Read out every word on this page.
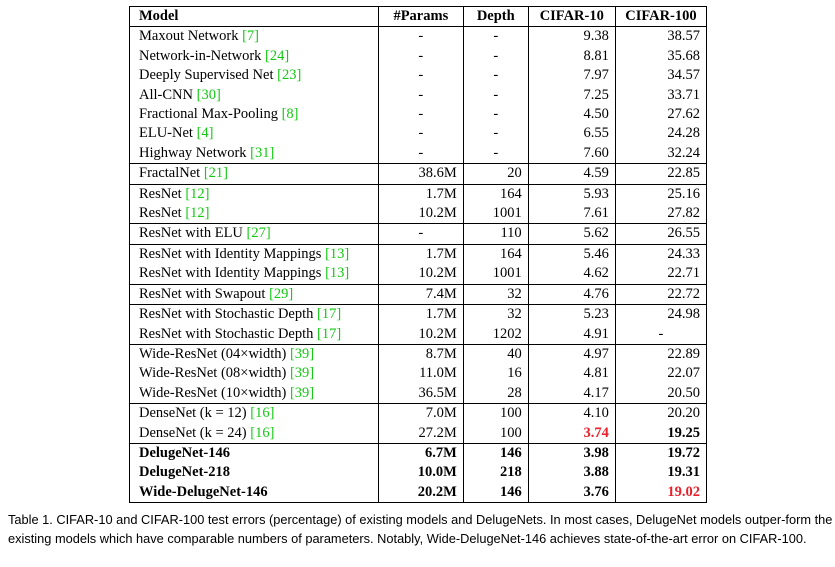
Model	#Params	Depth	CIFAR-10	CIFAR-100
Maxout Network [7]	-	-	9.38	38.57
Network-in-Network [24]	-	-	8.81	35.68
Deeply Supervised Net [23]	-	-	7.97	34.57
All-CNN [30]	-	-	7.25	33.71
Fractional Max-Pooling [8]	-	-	4.50	27.62
ELU-Net [4]	-	-	6.55	24.28
Highway Network [31]	-	-	7.60	32.24
FractalNet [21]	38.6M	20	4.59	22.85
ResNet [12]	1.7M	164	5.93	25.16
ResNet [12]	10.2M	1001	7.61	27.82
ResNet with ELU [27]	-	110	5.62	26.55
ResNet with Identity Mappings [13]	1.7M	164	5.46	24.33
ResNet with Identity Mappings [13]	10.2M	1001	4.62	22.71
ResNet with Swapout [29]	7.4M	32	4.76	22.72
ResNet with Stochastic Depth [17]	1.7M	32	5.23	24.98
ResNet with Stochastic Depth [17]	10.2M	1202	4.91	-
Wide-ResNet (04×width) [39]	8.7M	40	4.97	22.89
Wide-ResNet (08×width) [39]	11.0M	16	4.81	22.07
Wide-ResNet (10×width) [39]	36.5M	28	4.17	20.50
DenseNet (k = 12) [16]	7.0M	100	4.10	20.20
DenseNet (k = 24) [16]	27.2M	100	3.74	19.25
DelugeNet-146	6.7M	146	3.98	19.72
DelugeNet-218	10.0M	218	3.88	19.31
Wide-DelugeNet-146	20.2M	146	3.76	19.02
Table 1. CIFAR-10 and CIFAR-100 test errors (percentage) of existing models and DelugeNets. In most cases, DelugeNet models outper-form the existing models which have comparable numbers of parameters. Notably, Wide-DelugeNet-146 achieves state-of-the-art error on CIFAR-100.
